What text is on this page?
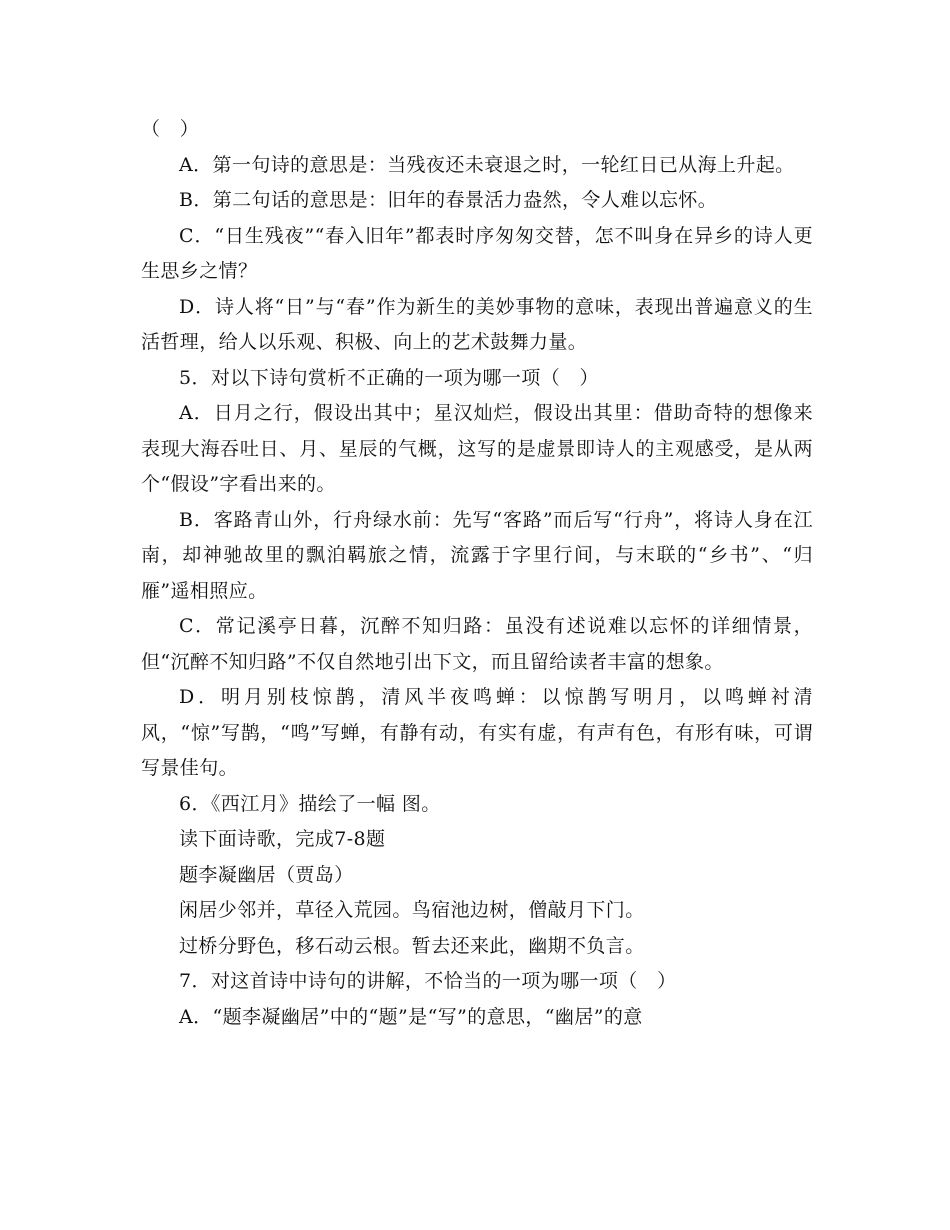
（　）

A．第一句诗的意思是：当残夜还未衰退之时，一轮红日已从海上升起。

B．第二句话的意思是：旧年的春景活力盎然，令人难以忘怀。

C．“日生残夜”“春入旧年”都表时序匆匆交替，怎不叫身在异乡的诗人更生思乡之情？

D．诗人将“日”与“春”作为新生的美妙事物的意味，表现出普遍意义的生活哲理，给人以乐观、积极、向上的艺术鼓舞力量。

5．对以下诗句赏析不正确的一项为哪一项（　）

A．日月之行，假设出其中；星汉灿烂，假设出其里：借助奇特的想像来表现大海吞吐日、月、星辰的气概，这写的是虚景即诗人的主观感受，是从两个“假设”字看出来的。

B．客路青山外，行舟绿水前：先写“客路”而后写“行舟”，将诗人身在江南，却神驰故里的飘泊羁旅之情，流露于字里行间，与末联的“乡书”、“归雁”遥相照应。

C．常记溪亭日暮，沉醉不知归路：虽没有述说难以忘怀的详细情景，但“沉醉不知归路”不仅自然地引出下文，而且留给读者丰富的想象。

D．明月别枝惊鹊，清风半夜鸣蝉：以惊鹊写明月，以鸣蝉衬清风，“惊”写鹊，“鸣”写蝉，有静有动，有实有虚，有声有色，有形有味，可谓写景佳句。

6．《西江月》描绘了一幅 图。

读下面诗歌，完成7-8题

题李凝幽居（贾岛）

闲居少邻并，草径入荒园。鸟宿池边树，僧敲月下门。

过桥分野色，移石动云根。暂去还来此，幽期不负言。

7．对这首诗中诗句的讲解，不恰当的一项为哪一项（　）

A．“题李凝幽居”中的“题”是“写”的意思，“幽居”的意
